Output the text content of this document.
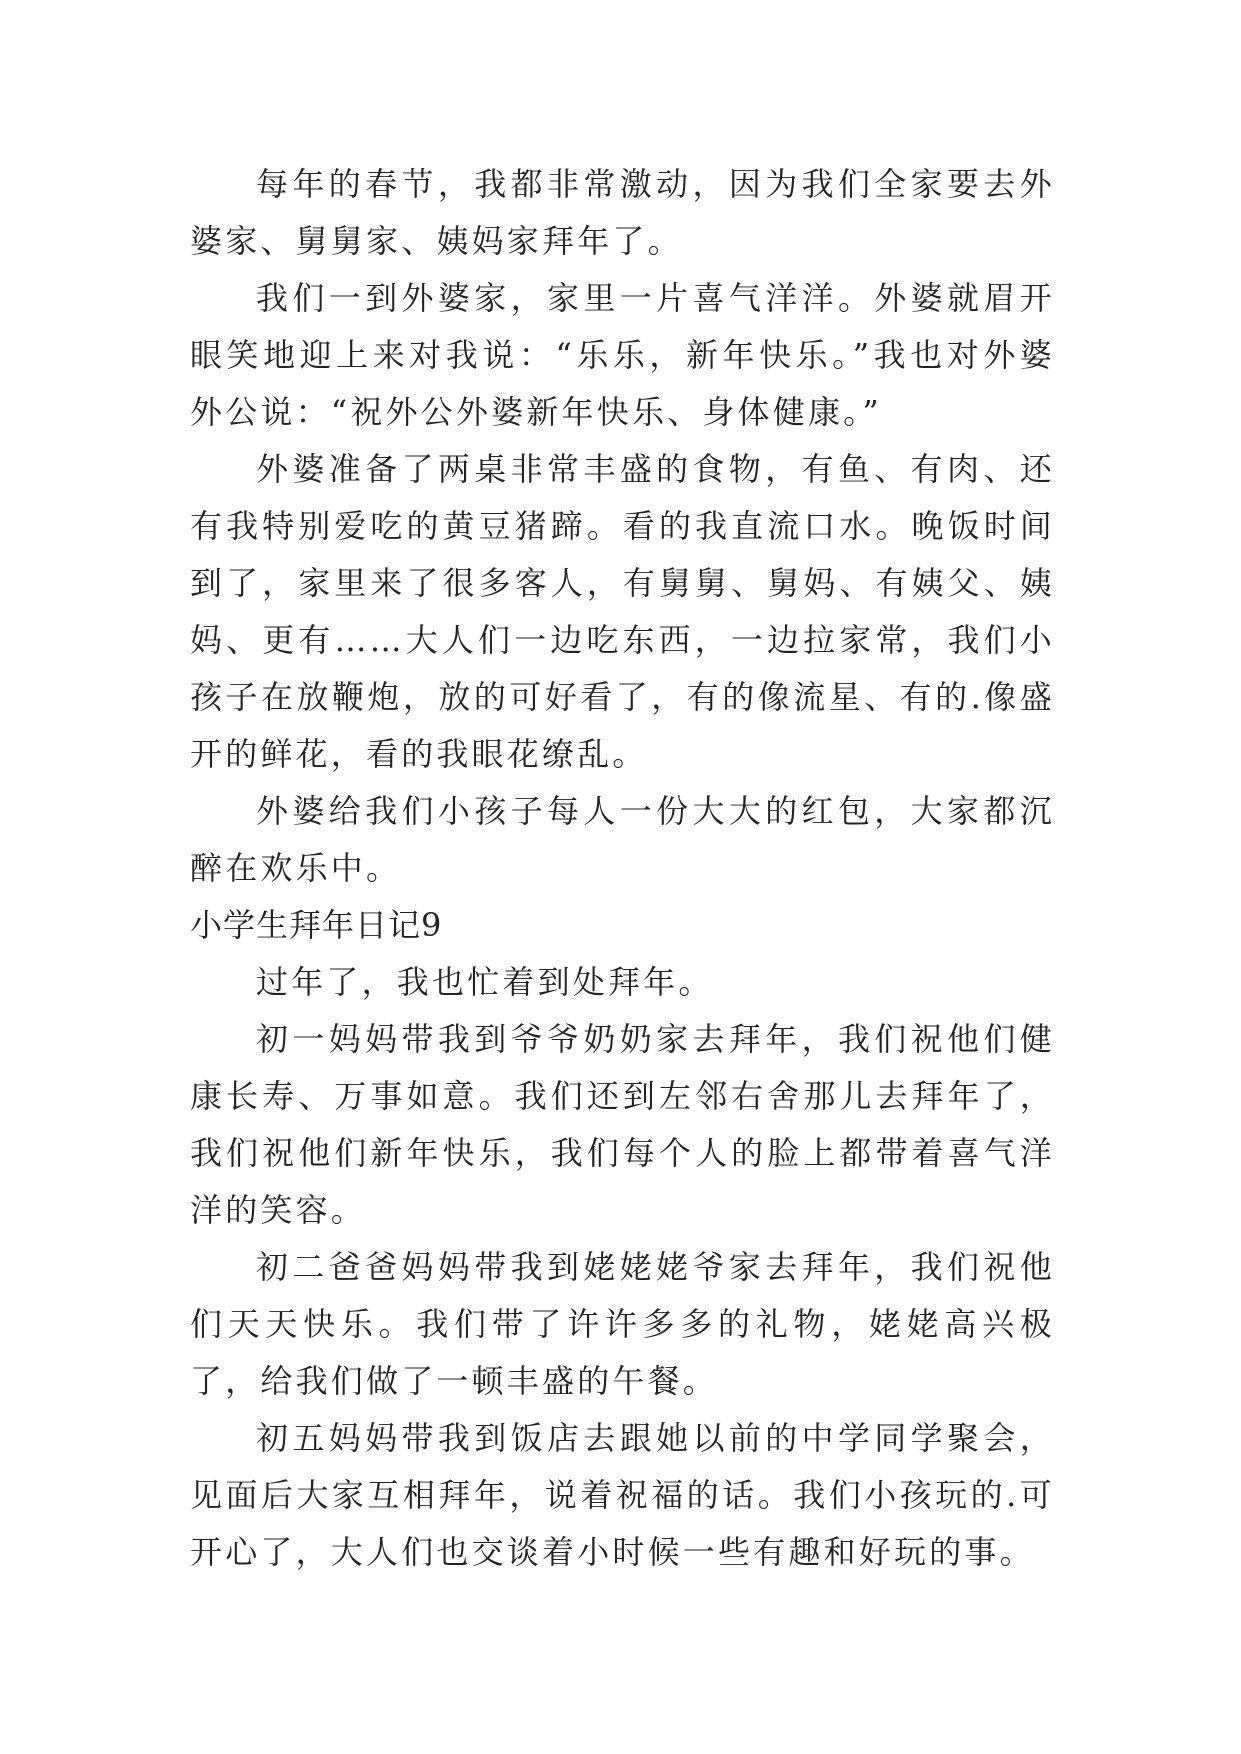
每年的春节，我都非常激动，因为我们全家要去外婆家、舅舅家、姨妈家拜年了。

我们一到外婆家，家里一片喜气洋洋。外婆就眉开眼笑地迎上来对我说：“乐乐，新年快乐。”我也对外婆外公说：“祝外公外婆新年快乐、身体健康。”

外婆准备了两桌非常丰盛的食物，有鱼、有肉、还有我特别爱吃的黄豆猪蹄。看的我直流口水。晚饭时间到了，家里来了很多客人，有舅舅、舅妈、有姨父、姨妈、更有……大人们一边吃东西，一边拉家常，我们小孩子在放鞭炮，放的可好看了，有的像流星、有的.像盛开的鲜花，看的我眼花缭乱。

外婆给我们小孩子每人一份大大的红包，大家都沉醉在欢乐中。

小学生拜年日记9

过年了，我也忙着到处拜年。

初一妈妈带我到爷爷奶奶家去拜年，我们祝他们健康长寿、万事如意。我们还到左邻右舍那儿去拜年了，我们祝他们新年快乐，我们每个人的脸上都带着喜气洋洋的笑容。

初二爸爸妈妈带我到姥姥姥爷家去拜年，我们祝他们天天快乐。我们带了许许多多的礼物，姥姥高兴极了，给我们做了一顿丰盛的午餐。

初五妈妈带我到饭店去跟她以前的中学同学聚会，见面后大家互相拜年，说着祝福的话。我们小孩玩的.可开心了，大人们也交谈着小时候一些有趣和好玩的事。
